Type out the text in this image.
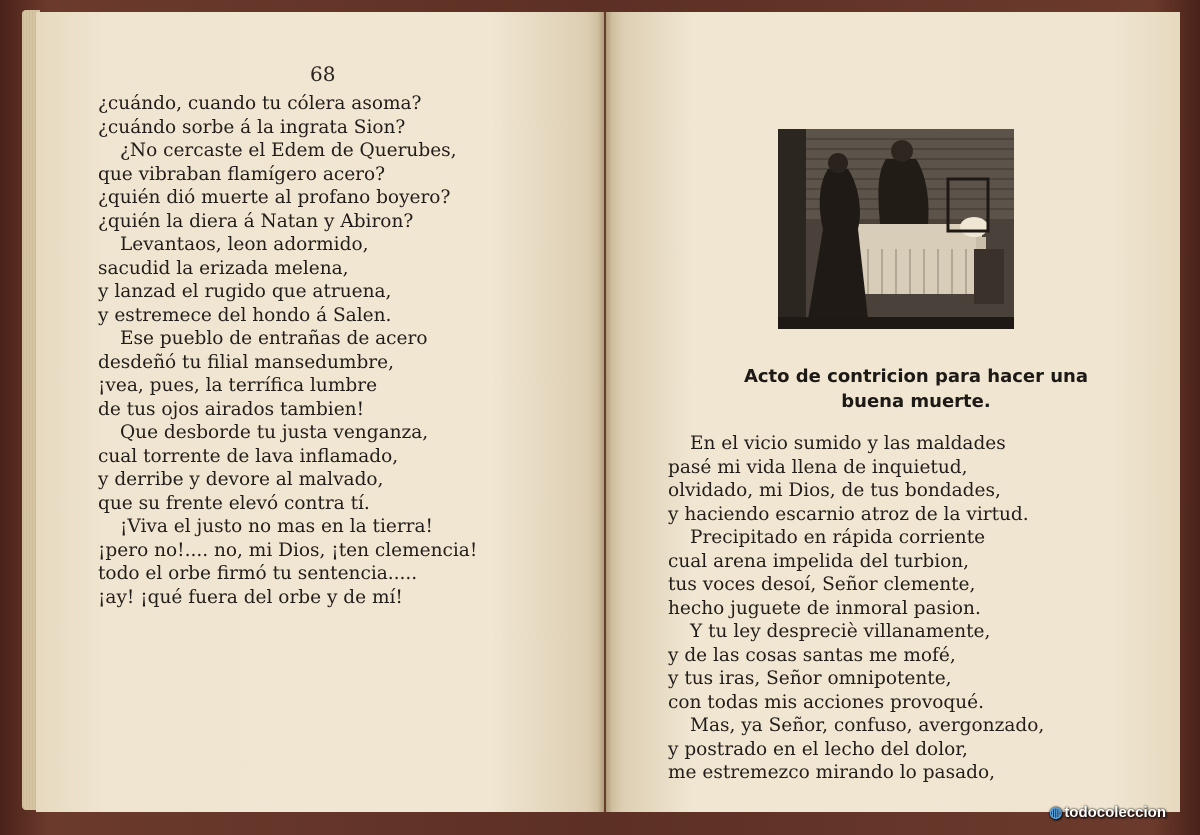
68
¿cuándo, cuando tu cólera asoma?
¿cuándo sorbe á la ingrata Sion?
¿No cercaste el Edem de Querubes,
que vibraban flamígero acero?
¿quién dió muerte al profano boyero?
¿quién la diera á Natan y Abiron?
Levantaos, leon adormido,
sacudid la erizada melena,
y lanzad el rugido que atruena,
y estremece del hondo á Salen.
Ese pueblo de entrañas de acero
desdeñó tu filial mansedumbre,
¡vea, pues, la terrífica lumbre
de tus ojos airados tambien!
Que desborde tu justa venganza,
cual torrente de lava inflamado,
y derribe y devore al malvado,
que su frente elevó contra tí.
¡Viva el justo no mas en la tierra!
¡pero no!.... no, mi Dios, ¡ten clemencia!
todo el orbe firmó tu sentencia.....
¡ay! ¡qué fuera del orbe y de mí!
Acto de contricion para hacer una
buena muerte.
En el vicio sumido y las maldades
pasé mi vida llena de inquietud,
olvidado, mi Dios, de tus bondades,
y haciendo escarnio atroz de la virtud.
Precipitado en rápida corriente
cual arena impelida del turbion,
tus voces desoí, Señor clemente,
hecho juguete de inmoral pasion.
Y tu ley despreciè villanamente,
y de las cosas santas me mofé,
y tus iras, Señor omnipotente,
con todas mis acciones provoqué.
Mas, ya Señor, confuso, avergonzado,
y postrado en el lecho del dolor,
me estremezco mirando lo pasado,
◍ todocoleccion
